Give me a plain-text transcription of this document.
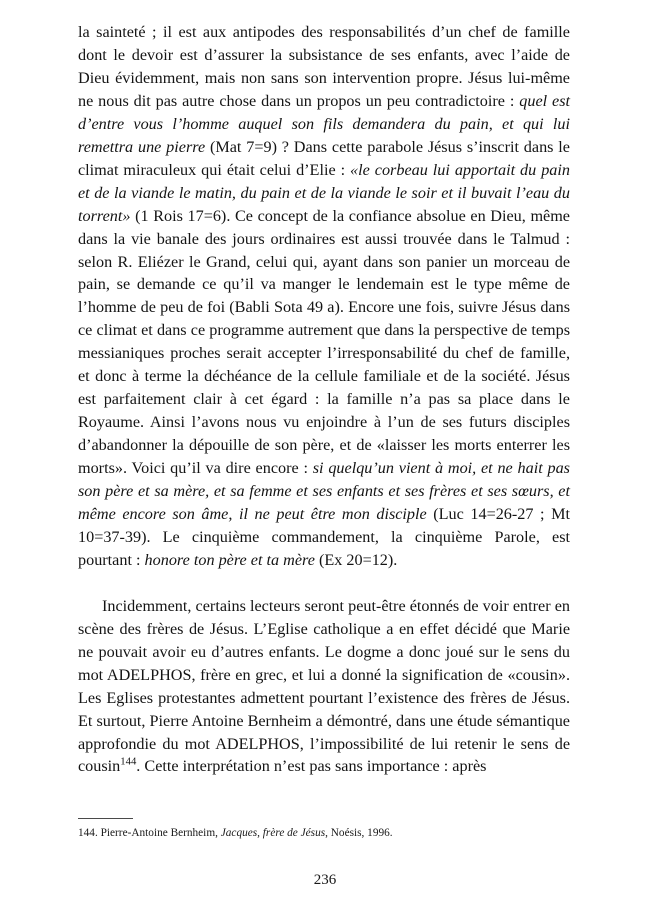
la sainteté ; il est aux antipodes des responsabilités d’un chef de famille dont le devoir est d’assurer la subsistance de ses enfants, avec l’aide de Dieu évidemment, mais non sans son intervention propre. Jésus lui-même ne nous dit pas autre chose dans un propos un peu contradictoire : quel est d’entre vous l’homme auquel son fils demandera du pain, et qui lui remettra une pierre (Mat 7=9) ? Dans cette parabole Jésus s’inscrit dans le climat miraculeux qui était celui d’Elie : «le corbeau lui apportait du pain et de la viande le matin, du pain et de la viande le soir et il buvait l’eau du torrent» (1 Rois 17=6). Ce concept de la confiance absolue en Dieu, même dans la vie banale des jours ordinaires est aussi trouvée dans le Talmud : selon R. Eliézer le Grand, celui qui, ayant dans son panier un morceau de pain, se demande ce qu’il va manger le lendemain est le type même de l’homme de peu de foi (Babli Sota 49 a). Encore une fois, suivre Jésus dans ce climat et dans ce programme autrement que dans la perspective de temps messianiques proches serait accepter l’irresponsabilité du chef de famille, et donc à terme la déchéance de la cellule familiale et de la société. Jésus est parfaitement clair à cet égard : la famille n’a pas sa place dans le Royaume. Ainsi l’avons nous vu enjoindre à l’un de ses futurs disciples d’abandonner la dépouille de son père, et de «laisser les morts enterrer les morts». Voici qu’il va dire encore : si quelqu’un vient à moi, et ne hait pas son père et sa mère, et sa femme et ses enfants et ses frères et ses sœurs, et même encore son âme, il ne peut être mon disciple (Luc 14=26-27 ; Mt 10=37-39). Le cinquième commandement, la cinquième Parole, est pourtant : honore ton père et ta mère (Ex 20=12).

Incidemment, certains lecteurs seront peut-être étonnés de voir entrer en scène des frères de Jésus. L’Eglise catholique a en effet décidé que Marie ne pouvait avoir eu d’autres enfants. Le dogme a donc joué sur le sens du mot ADELPHOS, frère en grec, et lui a donné la signification de «cousin». Les Eglises protestantes admettent pourtant l’existence des frères de Jésus. Et surtout, Pierre Antoine Bernheim a démontré, dans une étude sémantique approfondie du mot ADELPHOS, l’impossibilité de lui retenir le sens de cousin$^{144}$. Cette interprétation n’est pas sans importance : après

144. Pierre-Antoine Bernheim, Jacques, frère de Jésus, Noésis, 1996.

236
